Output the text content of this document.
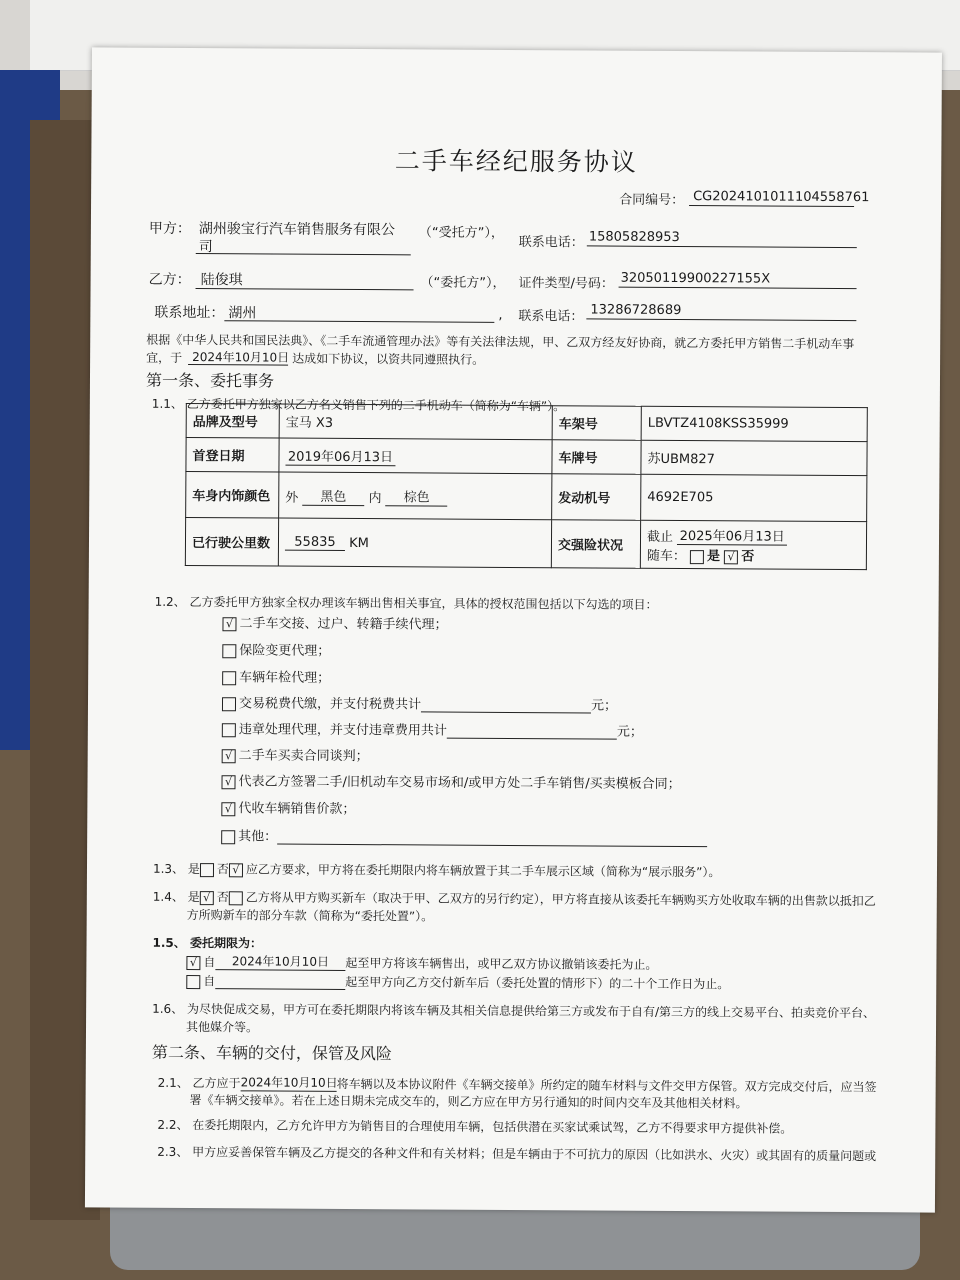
二手车经纪服务协议
合同编号： CG2024101011104558761
甲方： 湖州骏宝行汽车销售服务有限公
司
（“受托方”），
联系电话： 15805828953
乙方： 陆俊琪	（“委托方”）， 证件类型/号码： 32050119900227155X
联系地址： 湖州	, 联系电话： 13286728689
根据《中华人民共和国民法典》、《二手车流通管理办法》等有关法律法规，甲、乙双方经友好协商，就乙方委托甲方销售二手机动车事
宜，于 2024年10月10日 达成如下协议，以资共同遵照执行。
第一条、委托事务
1.1、 乙方委托甲方独家以乙方名义销售下列的二手机动车（简称为“车辆”）。
品牌及型号	宝马 X3	车架号	LBVTZ4108KSS35999
首登日期	2019年06月13日	车牌号	苏UBM827
车身内饰颜色	外 黑色 内 棕色	发动机号	4692E705
已行驶公里数	55835 KM	交强险状况	截止 2025年06月13日
随车： 是 √ 否
1.2、 乙方委托甲方独家全权办理该车辆出售相关事宜，具体的授权范围包括以下勾选的项目：
√ 二手车交接、过户、转籍手续代理；
保险变更代理；
车辆年检代理；
交易税费代缴，并支付税费共计	元；
违章处理代理，并支付违章费用共计	元；
√ 二手车买卖合同谈判；
√ 代表乙方签署二手/旧机动车交易市场和/或甲方处二手车销售/买卖模板合同；
√ 代收车辆销售价款；
其他：
1.3、 是 否 √ 应乙方要求，甲方将在委托期限内将车辆放置于其二手车展示区域（简称为“展示服务”）。
1.4、 是 √ 否 乙方将从甲方购买新车（取决于甲、乙双方的另行约定），甲方将直接从该委托车辆购买方处收取车辆的出售款以抵扣乙
方所购新车的部分车款（简称为“委托处置”）。
1.5、 委托期限为：
√ 自 2024年10月10日 起至甲方将该车辆售出，或甲乙双方协议撤销该委托为止。
自	起至甲方向乙方交付新车后（委托处置的情形下）的二十个工作日为止。
1.6、 为尽快促成交易，甲方可在委托期限内将该车辆及其相关信息提供给第三方或发布于自有/第三方的线上交易平台、拍卖竞价平台、
其他媒介等。
第二条、车辆的交付，保管及风险
2.1、 乙方应于2024年10月10日将车辆以及本协议附件《车辆交接单》所约定的随车材料与文件交甲方保管。双方完成交付后，应当签
署《车辆交接单》。若在上述日期未完成交车的，则乙方应在甲方另行通知的时间内交车及其他相关材料。
2.2、 在委托期限内，乙方允许甲方为销售目的合理使用车辆，包括供潜在买家试乘试驾，乙方不得要求甲方提供补偿。
2.3、 甲方应妥善保管车辆及乙方提交的各种文件和有关材料；但是车辆由于不可抗力的原因（比如洪水、火灾）或其固有的质量问题或
